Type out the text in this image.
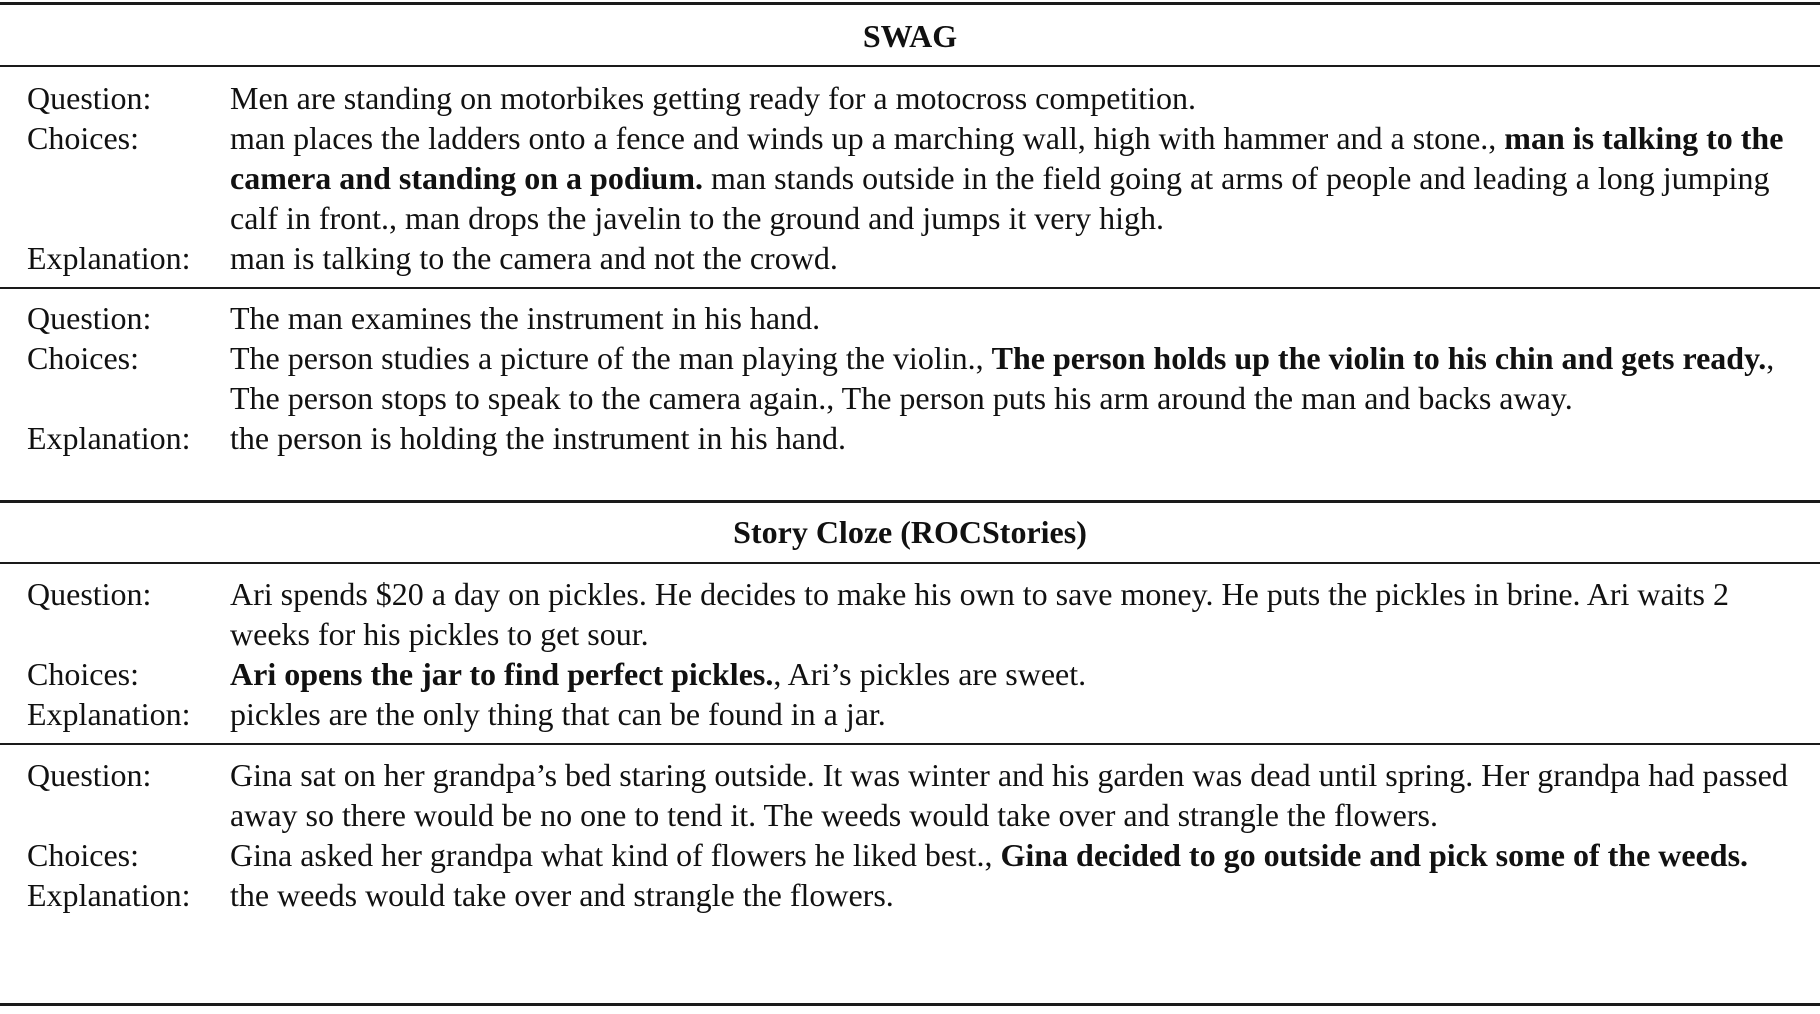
SWAG
Question:	Men are standing on motorbikes getting ready for a motocross competition.
Choices:	man places the ladders onto a fence and winds up a marching wall, high with hammer and a stone., man is talking to the camera and standing on a podium. man stands outside in the field going at arms of people and leading a long jumping calf in front., man drops the javelin to the ground and jumps it very high.
Explanation:	man is talking to the camera and not the crowd.
Question:	The man examines the instrument in his hand.
Choices:	The person studies a picture of the man playing the violin., The person holds up the violin to his chin and gets ready., The person stops to speak to the camera again., The person puts his arm around the man and backs away.
Explanation:	the person is holding the instrument in his hand.
Story Cloze (ROCStories)
Question:	Ari spends $20 a day on pickles. He decides to make his own to save money. He puts the pickles in brine. Ari waits 2 weeks for his pickles to get sour.
Choices:	Ari opens the jar to find perfect pickles., Ari’s pickles are sweet.
Explanation:	pickles are the only thing that can be found in a jar.
Question:	Gina sat on her grandpa’s bed staring outside. It was winter and his garden was dead until spring. Her grandpa had passed away so there would be no one to tend it. The weeds would take over and strangle the flowers.
Choices:	Gina asked her grandpa what kind of flowers he liked best., Gina decided to go outside and pick some of the weeds.
Explanation:	the weeds would take over and strangle the flowers.
